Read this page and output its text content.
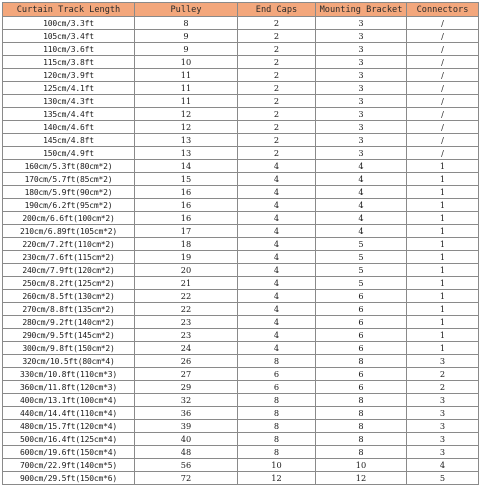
Curtain Track Length	Pulley	End Caps	Mounting Bracket	Connectors
100cm/3.3ft	8	2	3	/
105cm/3.4ft	9	2	3	/
110cm/3.6ft	9	2	3	/
115cm/3.8ft	10	2	3	/
120cm/3.9ft	11	2	3	/
125cm/4.1ft	11	2	3	/
130cm/4.3ft	11	2	3	/
135cm/4.4ft	12	2	3	/
140cm/4.6ft	12	2	3	/
145cm/4.8ft	13	2	3	/
150cm/4.9ft	13	2	3	/
160cm/5.3ft(80cm*2)	14	4	4	1
170cm/5.7ft(85cm*2)	15	4	4	1
180cm/5.9ft(90cm*2)	16	4	4	1
190cm/6.2ft(95cm*2)	16	4	4	1
200cm/6.6ft(100cm*2)	16	4	4	1
210cm/6.89ft(105cm*2)	17	4	4	1
220cm/7.2ft(110cm*2)	18	4	5	1
230cm/7.6ft(115cm*2)	19	4	5	1
240cm/7.9ft(120cm*2)	20	4	5	1
250cm/8.2ft(125cm*2)	21	4	5	1
260cm/8.5ft(130cm*2)	22	4	6	1
270cm/8.8ft(135cm*2)	22	4	6	1
280cm/9.2ft(140cm*2)	23	4	6	1
290cm/9.5ft(145cm*2)	23	4	6	1
300cm/9.8ft(150cm*2)	24	4	6	1
320cm/10.5ft(80cm*4)	26	8	8	3
330cm/10.8ft(110cm*3)	27	6	6	2
360cm/11.8ft(120cm*3)	29	6	6	2
400cm/13.1ft(100cm*4)	32	8	8	3
440cm/14.4ft(110cm*4)	36	8	8	3
480cm/15.7ft(120cm*4)	39	8	8	3
500cm/16.4ft(125cm*4)	40	8	8	3
600cm/19.6ft(150cm*4)	48	8	8	3
700cm/22.9ft(140cm*5)	56	10	10	4
900cm/29.5ft(150cm*6)	72	12	12	5
